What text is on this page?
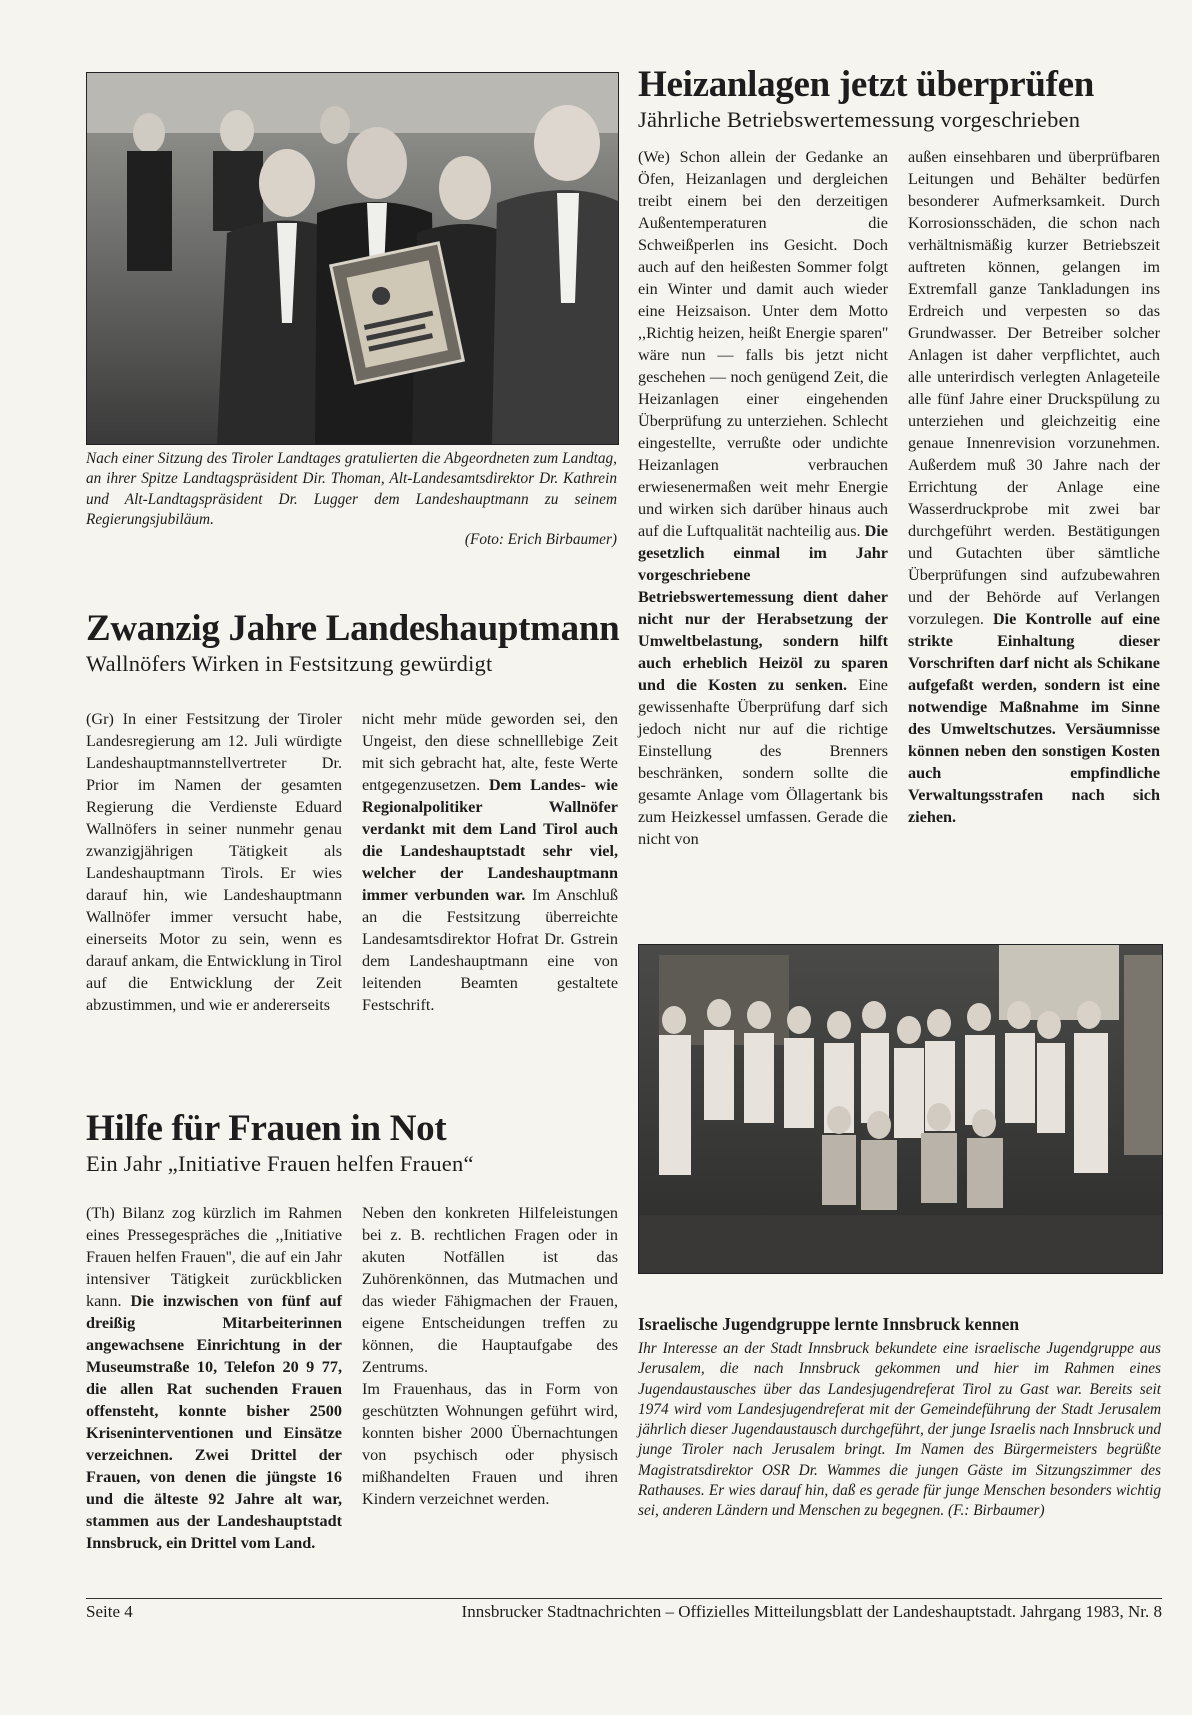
Nach einer Sitzung des Tiroler Landtages gratulierten die Abgeordneten zum Landtag, an ihrer Spitze Landtagspräsident Dir. Thoman, Alt-Landesamtsdirektor Dr. Kathrein und Alt-Landtagspräsident Dr. Lugger dem Landeshauptmann zu seinem Regierungsjubiläum.
(Foto: Erich Birbaumer)
Heizanlagen jetzt überprüfen
Jährliche Betriebswertemessung vorgeschrieben

(We) Schon allein der Gedanke an Öfen, Heizanlagen und dergleichen treibt einem bei den derzeitigen Außentemperaturen die Schweißperlen ins Gesicht. Doch auch auf den heißesten Sommer folgt ein Winter und damit auch wieder eine Heizsaison. Unter dem Motto ,,Richtig heizen, heißt Energie sparen'' wäre nun — falls bis jetzt nicht geschehen — noch genügend Zeit, die Heizanlagen einer eingehenden Überprüfung zu unterziehen. Schlecht eingestellte, verrußte oder undichte Heizanlagen verbrauchen erwiesenermaßen weit mehr Energie und wirken sich darüber hinaus auch auf die Luftqualität nachteilig aus. Die gesetzlich einmal im Jahr vorgeschriebene Betriebswertemessung dient daher nicht nur der Herabsetzung der Umweltbelastung, sondern hilft auch erheblich Heizöl zu sparen und die Kosten zu senken. Eine gewissenhafte Überprüfung darf sich jedoch nicht nur auf die richtige Einstellung des Brenners beschränken, sondern sollte die gesamte Anlage vom Öllagertank bis zum Heizkessel umfassen. Gerade die nicht von

außen einsehbaren und überprüfbaren Leitungen und Behälter bedürfen besonderer Aufmerksamkeit. Durch Korrosionsschäden, die schon nach verhältnismäßig kurzer Betriebszeit auftreten können, gelangen im Extremfall ganze Tankladungen ins Erdreich und verpesten so das Grundwasser. Der Betreiber solcher Anlagen ist daher verpflichtet, auch alle unterirdisch verlegten Anlageteile alle fünf Jahre einer Druckspülung zu unterziehen und gleichzeitig eine genaue Innenrevision vorzunehmen. Außerdem muß 30 Jahre nach der Errichtung der Anlage eine Wasserdruckprobe mit zwei bar durchgeführt werden. Bestätigungen und Gutachten über sämtliche Überprüfungen sind aufzubewahren und der Behörde auf Verlangen vorzulegen. Die Kontrolle auf eine strikte Einhaltung dieser Vorschriften darf nicht als Schikane aufgefaßt werden, sondern ist eine notwendige Maßnahme im Sinne des Umweltschutzes. Versäumnisse können neben den sonstigen Kosten auch empfindliche Verwaltungsstrafen nach sich ziehen.

Zwanzig Jahre Landeshauptmann
Wallnöfers Wirken in Festsitzung gewürdigt

(Gr) In einer Festsitzung der Tiroler Landesregierung am 12. Juli würdigte Landeshauptmannstellvertreter Dr. Prior im Namen der gesamten Regierung die Verdienste Eduard Wallnöfers in seiner nunmehr genau zwanzigjährigen Tätigkeit als Landeshauptmann Tirols. Er wies darauf hin, wie Landeshauptmann Wallnöfer immer versucht habe, einerseits Motor zu sein, wenn es darauf ankam, die Entwicklung in Tirol auf die Entwicklung der Zeit abzustimmen, und wie er andererseits

nicht mehr müde geworden sei, den Ungeist, den diese schnelllebige Zeit mit sich gebracht hat, alte, feste Werte entgegenzusetzen. Dem Landes- wie Regionalpolitiker Wallnöfer verdankt mit dem Land Tirol auch die Landeshauptstadt sehr viel, welcher der Landeshauptmann immer verbunden war. Im Anschluß an die Festsitzung überreichte Landesamtsdirektor Hofrat Dr. Gstrein dem Landeshauptmann eine von leitenden Beamten gestaltete Festschrift.

Hilfe für Frauen in Not
Ein Jahr „Initiative Frauen helfen Frauen“

(Th) Bilanz zog kürzlich im Rahmen eines Pressegespräches die ,,Initiative Frauen helfen Frauen'', die auf ein Jahr intensiver Tätigkeit zurückblicken kann. Die inzwischen von fünf auf dreißig Mitarbeiterinnen angewachsene Einrichtung in der Museumstraße 10, Telefon 20 9 77, die allen Rat suchenden Frauen offensteht, konnte bisher 2500 Kriseninterventionen und Einsätze verzeichnen. Zwei Drittel der Frauen, von denen die jüngste 16 und die älteste 92 Jahre alt war, stammen aus der Landeshauptstadt Innsbruck, ein Drittel vom Land.

Neben den konkreten Hilfeleistungen bei z. B. rechtlichen Fragen oder in akuten Notfällen ist das Zuhörenkönnen, das Mutmachen und das wieder Fähigmachen der Frauen, eigene Entscheidungen treffen zu können, die Hauptaufgabe des Zentrums.

Im Frauenhaus, das in Form von geschützten Wohnungen geführt wird, konnten bisher 2000 Übernachtungen von psychisch oder physisch mißhandelten Frauen und ihren Kindern verzeichnet werden.

Israelische Jugendgruppe lernte Innsbruck kennen
Ihr Interesse an der Stadt Innsbruck bekundete eine israelische Jugendgruppe aus Jerusalem, die nach Innsbruck gekommen und hier im Rahmen eines Jugendaustausches über das Landesjugendreferat Tirol zu Gast war. Bereits seit 1974 wird vom Landesjugendreferat mit der Gemeindeführung der Stadt Jerusalem jährlich dieser Jugendaustausch durchgeführt, der junge Israelis nach Innsbruck und junge Tiroler nach Jerusalem bringt. Im Namen des Bürgermeisters begrüßte Magistratsdirektor OSR Dr. Wammes die jungen Gäste im Sitzungszimmer des Rathauses. Er wies darauf hin, daß es gerade für junge Menschen besonders wichtig sei, anderen Ländern und Menschen zu begegnen. (F.: Birbaumer)
Seite 4	Innsbrucker Stadtnachrichten – Offizielles Mitteilungsblatt der Landeshauptstadt. Jahrgang 1983, Nr. 8
